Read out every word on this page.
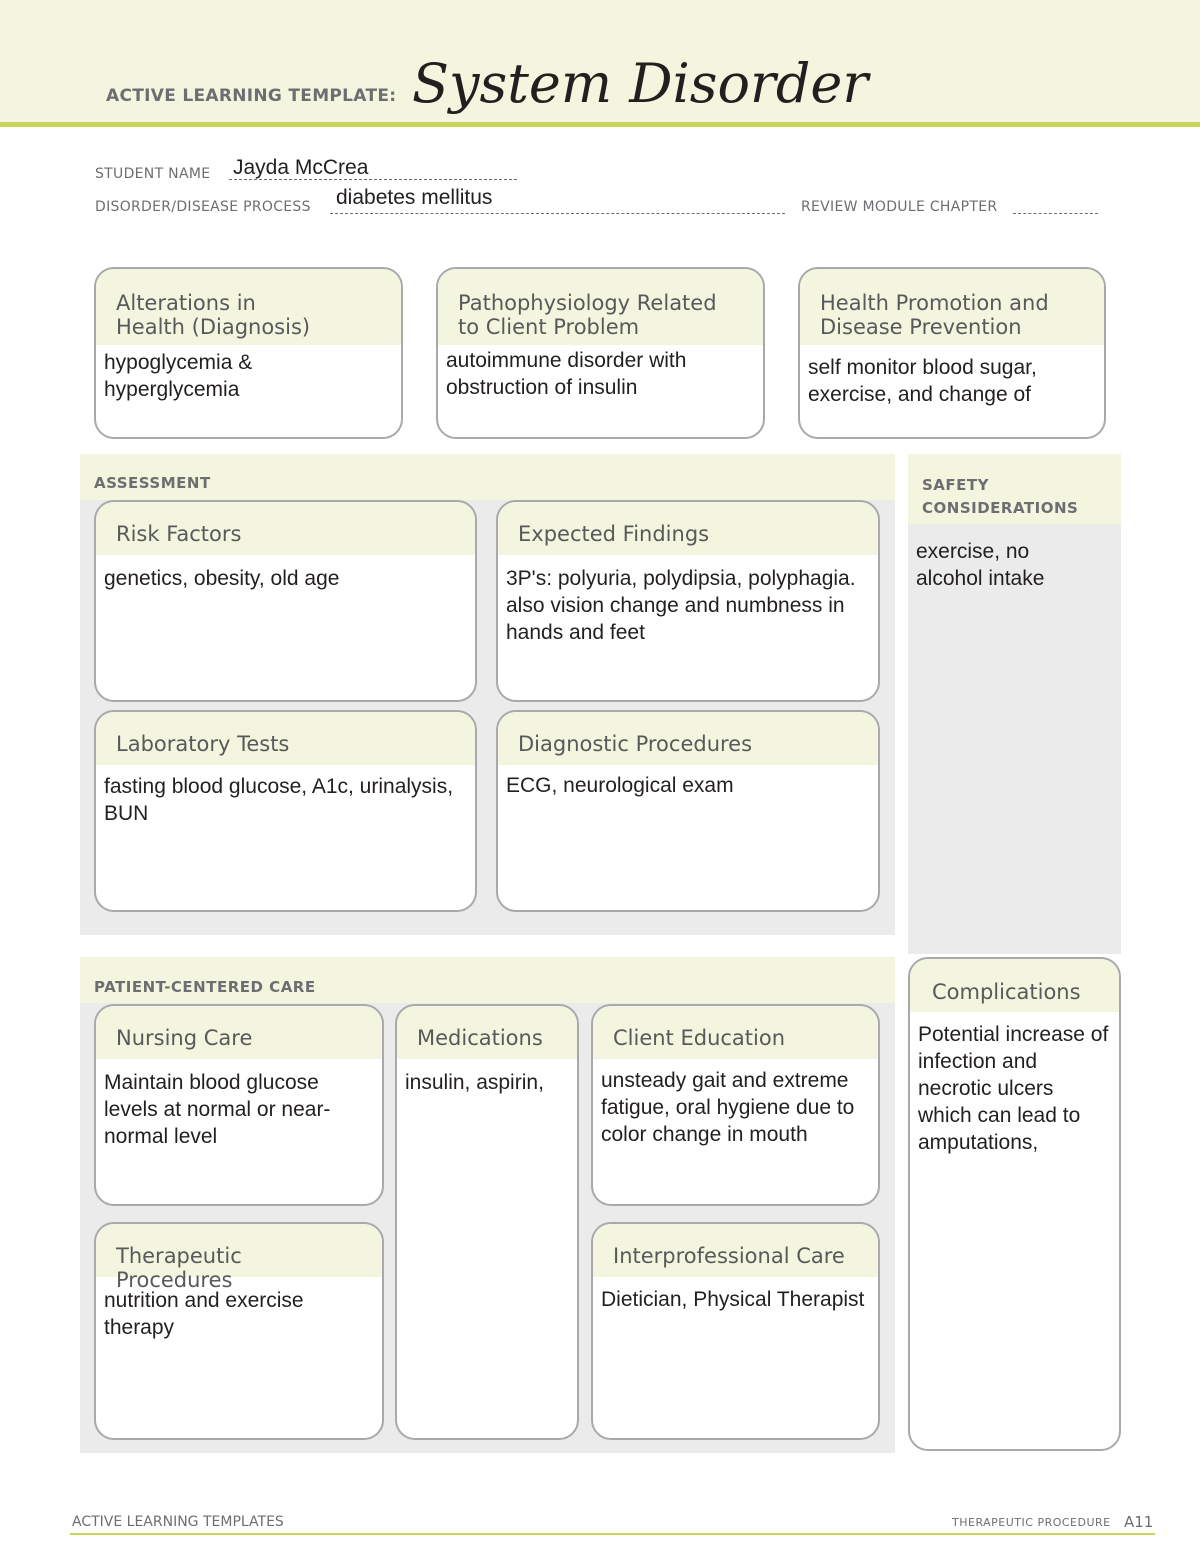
ACTIVE LEARNING TEMPLATE: System Disorder
STUDENT NAME Jayda McCrea
DISORDER/DISEASE PROCESS diabetes mellitus	REVIEW MODULE CHAPTER
Alterations in
Health (Diagnosis)
hypoglycemia & hyperglycemia
Pathophysiology Related
to Client Problem
autoimmune disorder with obstruction of insulin
Health Promotion and
Disease Prevention
self monitor blood sugar, exercise, and change of
ASSESSMENT
Risk Factors
genetics, obesity, old age
Expected Findings
3P's: polyuria, polydipsia, polyphagia. also vision change and numbness in hands and feet
Laboratory Tests
fasting blood glucose, A1c, urinalysis, BUN
Diagnostic Procedures
ECG, neurological exam
SAFETY
CONSIDERATIONS
exercise, no alcohol intake
PATIENT-CENTERED CARE
Nursing Care
Maintain blood glucose levels at normal or near-normal level
Medications
insulin, aspirin,
Client Education
unsteady gait and extreme fatigue, oral hygiene due to color change in mouth
Therapeutic Procedures
nutrition and exercise therapy
Interprofessional Care
Dietician, Physical Therapist
Complications
Potential increase of infection and necrotic ulcers which can lead to amputations,
ACTIVE LEARNING TEMPLATES	THERAPEUTIC PROCEDURE A11
